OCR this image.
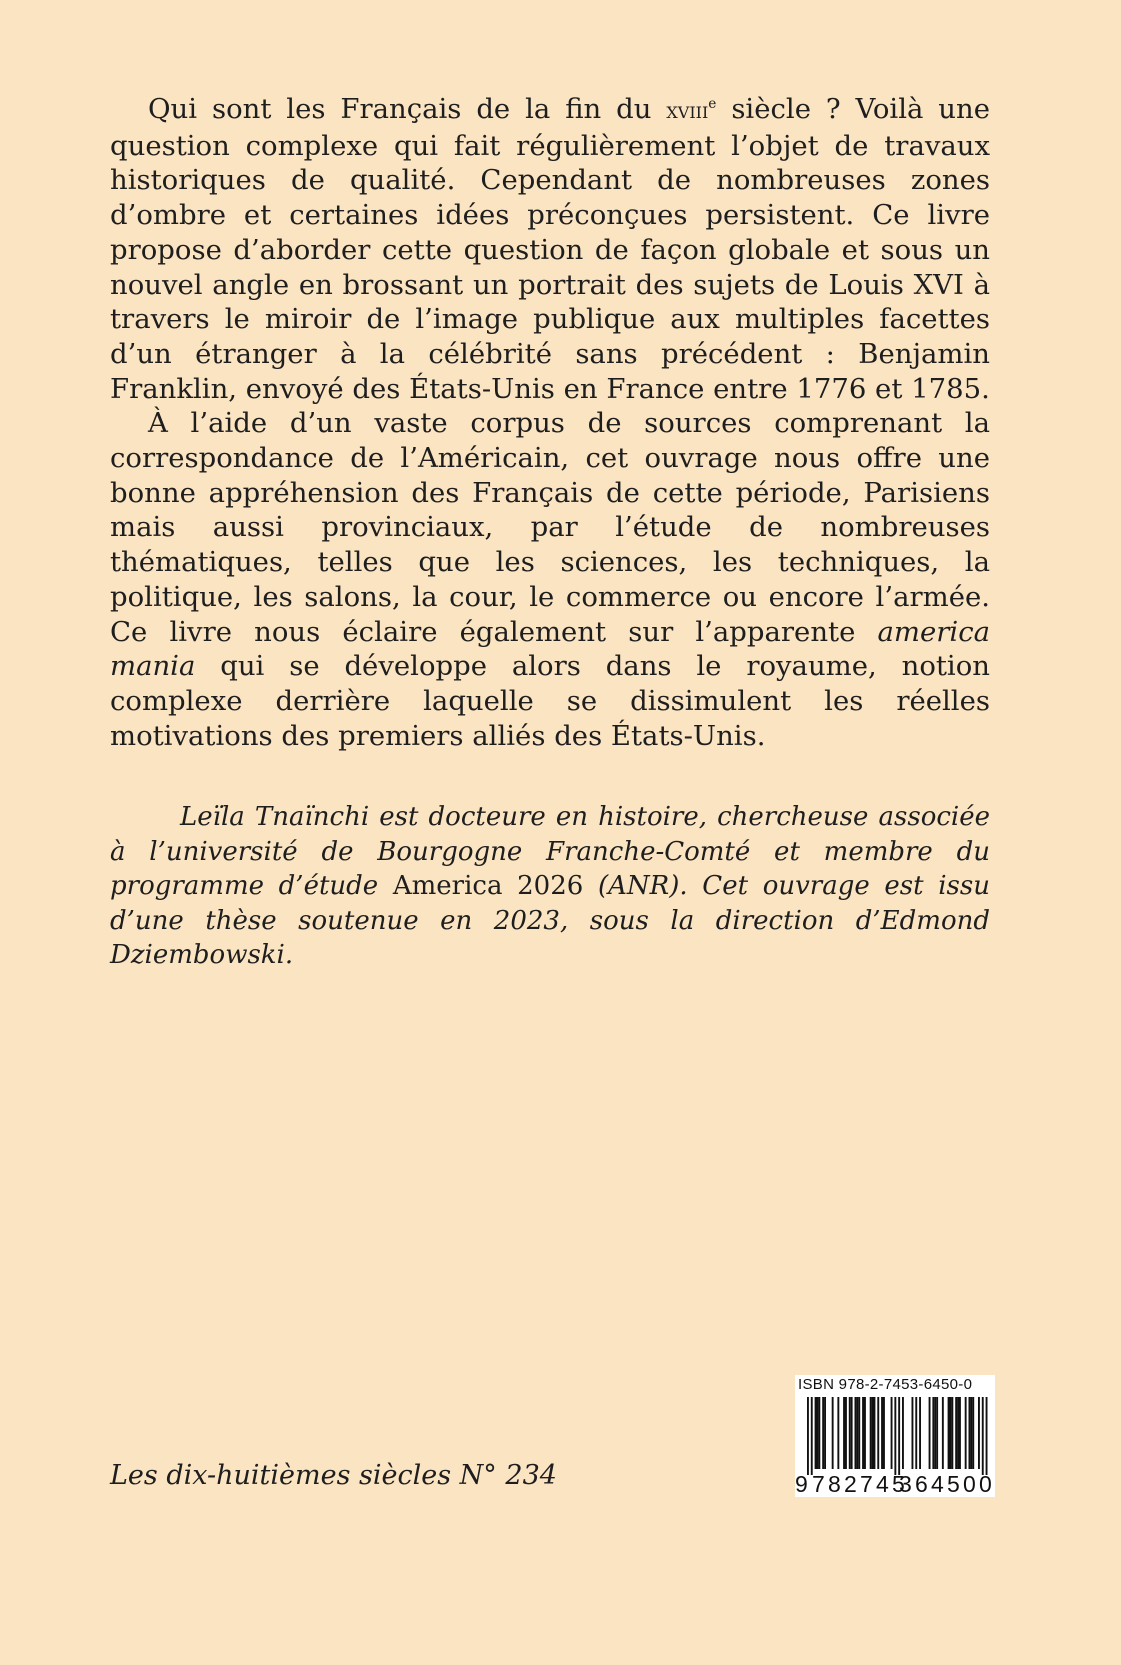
Qui sont les Français de la fin du xviii$^e$ siècle ? Voilà une question complexe qui fait régulièrement l’objet de travaux historiques de qualité. Cependant de nombreuses zones d’ombre et certaines idées préconçues persistent. Ce livre propose d’aborder cette question de façon globale et sous un nouvel angle en brossant un portrait des sujets de Louis XVI à travers le miroir de l’image publique aux multiples facettes d’un étranger à la célébrité sans précédent : Benjamin Franklin, envoyé des États-Unis en France entre 1776 et 1785.

À l’aide d’un vaste corpus de sources comprenant la correspondance de l’Américain, cet ouvrage nous offre une bonne appréhension des Français de cette période, Parisiens mais aussi provinciaux, par l’étude de nombreuses thématiques, telles que les sciences, les techniques, la politique, les salons, la cour, le commerce ou encore l’armée. Ce livre nous éclaire également sur l’apparente america mania qui se développe alors dans le royaume, notion complexe derrière laquelle se dissimulent les réelles motivations des premiers alliés des États-Unis.

Leïla Tnaïnchi est docteure en histoire, chercheuse associée à l’université de Bourgogne Franche-Comté et membre du programme d’étude America 2026 (ANR). Cet ouvrage est issu d’une thèse soutenue en 2023, sous la direction d’Edmond Dziembowski.

Les dix-huitièmes siècles N° 234

ISBN 978-2-7453-6450-0
9 782745
364500
